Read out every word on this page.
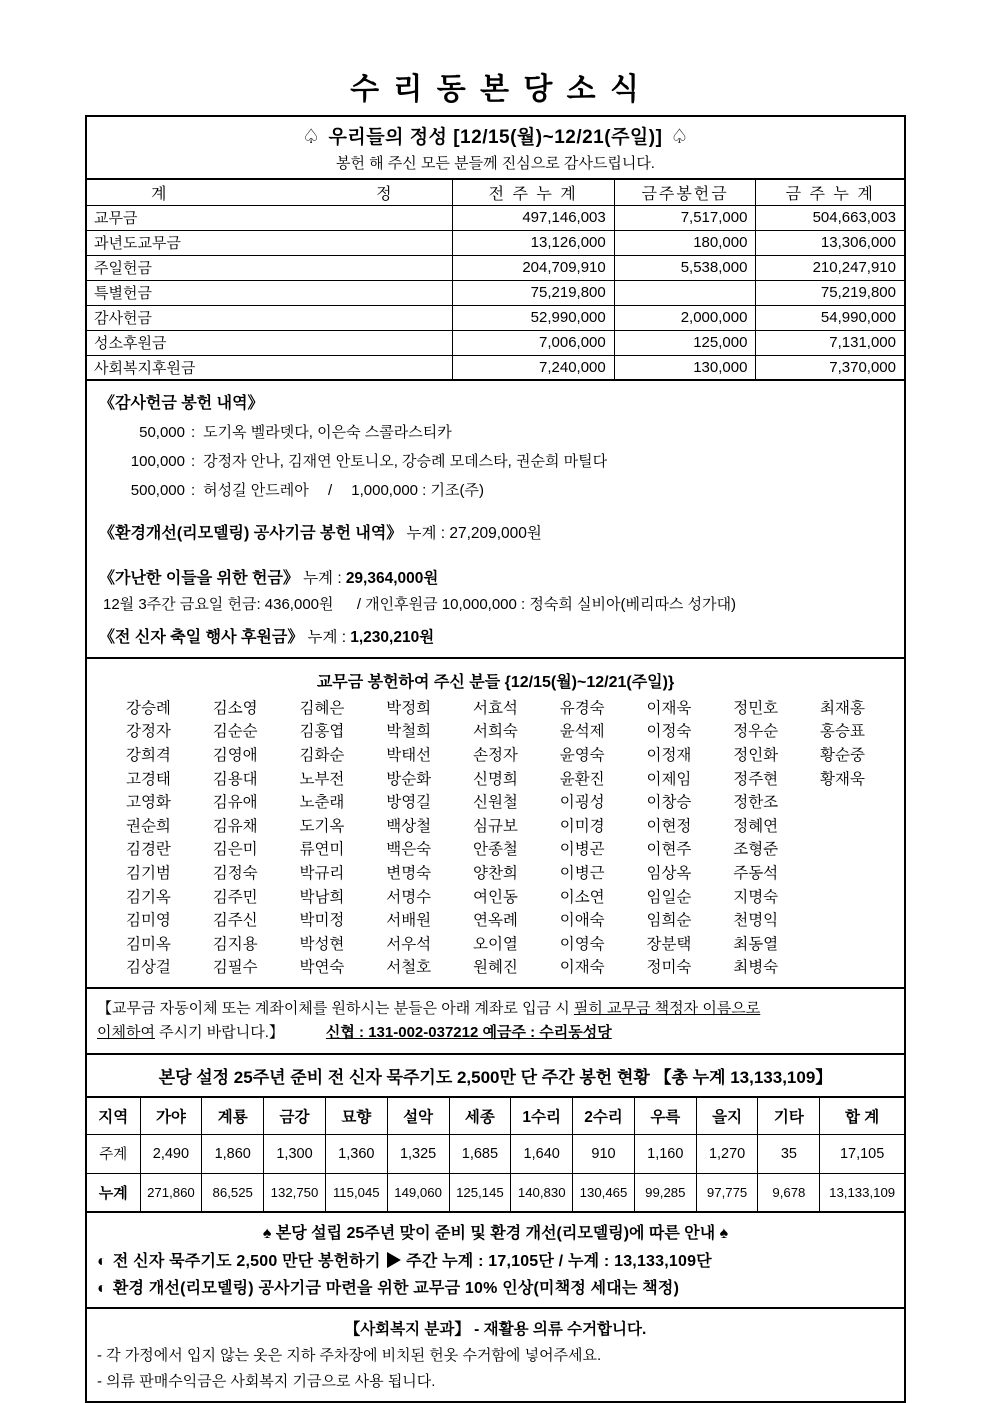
수 리 동 본 당 소 식
♤ 우리들의 정성 [12/15(월)~12/21(주일)] ♤
봉헌 해 주신 모든 분들께 진심으로 감사드립니다.
계 정	전 주 누 계	금주봉헌금	금 주 누 계
교무금	497,146,003	7,517,000	504,663,003
과년도교무금	13,126,000	180,000	13,306,000
주일헌금	204,709,910	5,538,000	210,247,910
특별헌금	75,219,800		75,219,800
감사헌금	52,990,000	2,000,000	54,990,000
성소후원금	7,006,000	125,000	7,131,000
사회복지후원금	7,240,000	130,000	7,370,000
《감사헌금 봉헌 내역》
50,000 : 도기옥 벨라뎃다, 이은숙 스콜라스티카
100,000 : 강정자 안나, 김재연 안토니오, 강승례 모데스타, 권순희 마틸다
500,000 : 허성길 안드레아　 / 　1,000,000 : 기조(주)
《환경개선(리모델링) 공사기금 봉헌 내역》 누계 : 27,209,000원
《가난한 이들을 위한 헌금》 누계 : 29,364,000원
12월 3주간 금요일 헌금: 436,000원 　 / 개인후원금 10,000,000 : 정숙희 실비아(베리따스 성가대)
《전 신자 축일 행사 후원금》 누계 : 1,230,210원
교무금 봉헌하여 주신 분들 {12/15(월)~12/21(주일)}
강승례	김소영	김혜은	박정희	서효석	유경숙	이재욱	정민호	최재홍
강정자	김순순	김홍엽	박철희	서희숙	윤석제	이정숙	정우순	홍승표
강희격	김영애	김화순	박태선	손정자	윤영숙	이정재	정인화	황순중
고경태	김용대	노부전	방순화	신명희	윤환진	이제임	정주현	황재욱
고영화	김유애	노춘래	방영길	신원철	이굉성	이창승	정한조	
권순희	김유채	도기옥	백상철	심규보	이미경	이현정	정혜연	
김경란	김은미	류연미	백은숙	안종철	이병곤	이현주	조형준	
김기범	김정숙	박규리	변명숙	양찬희	이병근	임상옥	주동석	
김기옥	김주민	박남희	서명수	여인동	이소연	임일순	지명숙	
김미영	김주신	박미정	서배원	연옥례	이애숙	임희순	천명익	
김미옥	김지용	박성현	서우석	오이열	이영숙	장분택	최동열	
김상걸	김필수	박연숙	서철호	원혜진	이재숙	정미숙	최병숙	
【교무금 자동이체 또는 계좌이체를 원하시는 분들은 아래 계좌로 입금 시 필히 교무금 책정자 이름으로
이체하여 주시기 바랍니다.】	신협 : 131-002-037212 예금주 : 수리동성당
본당 설정 25주년 준비 전 신자 묵주기도 2,500만 단 주간 봉헌 현황 【총 누계 13,133,109】
지역	가야	계룡	금강	묘향	설악	세종	1수리	2수리	우륵	을지	기타	합 계
주계	2,490	1,860	1,300	1,360	1,325	1,685	1,640	910	1,160	1,270	35	17,105
누계	271,860	86,525	132,750	115,045	149,060	125,145	140,830	130,465	99,285	97,775	9,678	13,133,109
♠ 본당 설립 25주년 맞이 준비 및 환경 개선(리모델링)에 따른 안내 ♠
◐ 전 신자 묵주기도 2,500 만단 봉헌하기 ▶ 주간 누계 : 17,105단 / 누계 : 13,133,109단
◐ 환경 개선(리모델링) 공사기금 마련을 위한 교무금 10% 인상(미책정 세대는 책정)
【사회복지 분과】 - 재활용 의류 수거합니다.
- 각 가정에서 입지 않는 옷은 지하 주차장에 비치된 헌옷 수거함에 넣어주세요.
- 의류 판매수익금은 사회복지 기금으로 사용 됩니다.
